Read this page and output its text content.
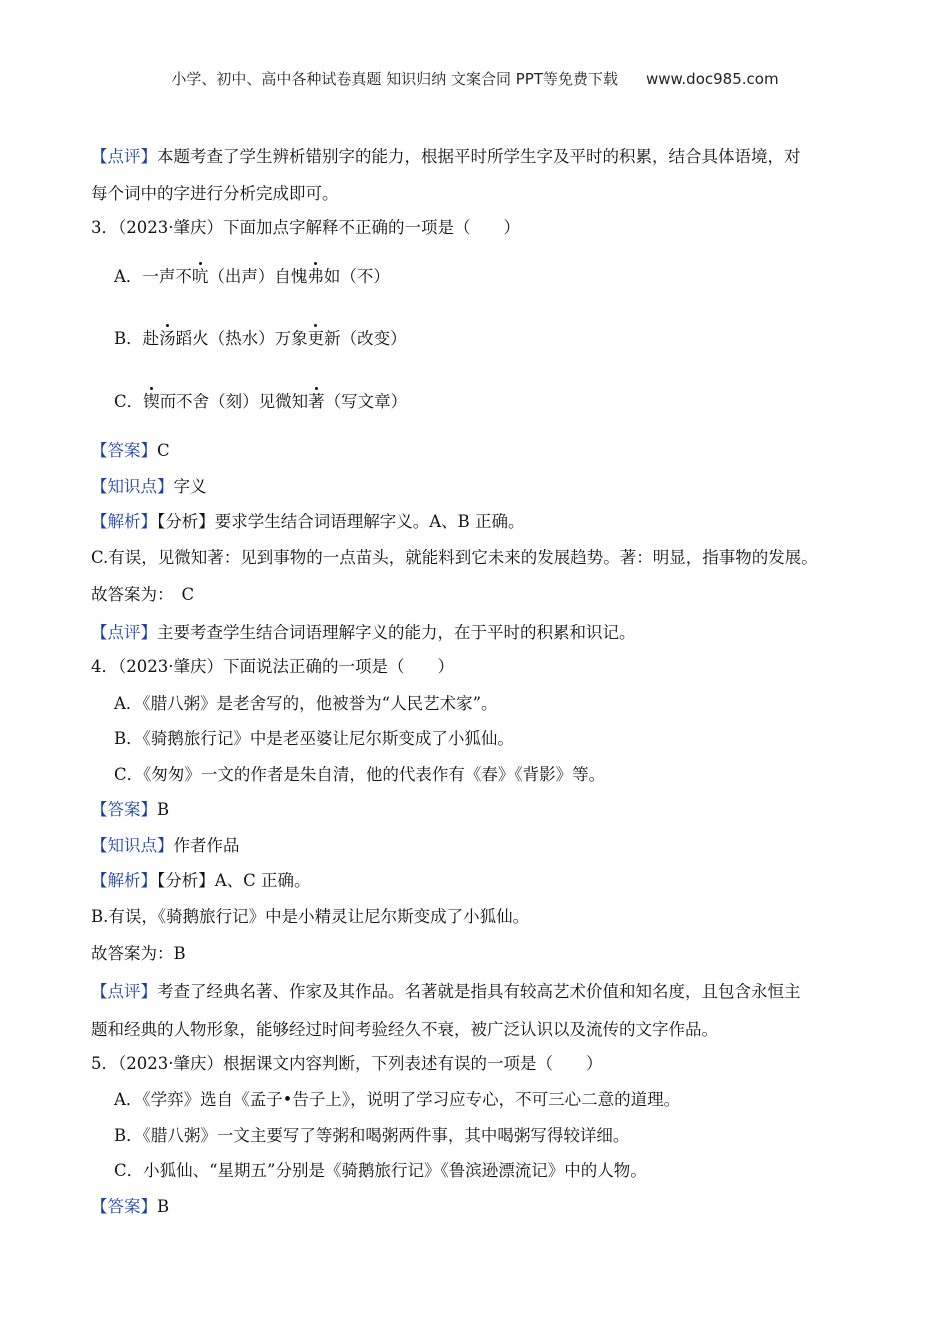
小学、初中、高中各种试卷真题 知识归纳 文案合同 PPT等免费下载 www.doc985.com
【点评】本题考查了学生辨析错别字的能力，根据平时所学生字及平时的积累，结合具体语境，对
每个词中的字进行分析完成即可。
3．（2023·肇庆）下面加点字解释不正确的一项是（　　）
A．一声不吭（出声）自愧弗如（不）
B．赴汤蹈火（热水）万象更新（改变）
C．锲而不舍（刻）见微知著（写文章）
【答案】C
【知识点】字义
【解析】【分析】要求学生结合词语理解字义。A、B 正确。
C.有误，见微知著：见到事物的一点苗头，就能料到它未来的发展趋势。著：明显，指事物的发展。
故答案为： C
【点评】主要考查学生结合词语理解字义的能力，在于平时的积累和识记。
4．（2023·肇庆）下面说法正确的一项是（　　）
A．《腊八粥》是老舍写的，他被誉为“人民艺术家”。
B．《骑鹅旅行记》中是老巫婆让尼尔斯变成了小狐仙。
C．《匆匆》一文的作者是朱自清，他的代表作有《春》《背影》等。
【答案】B
【知识点】作者作品
【解析】【分析】A、C 正确。
B.有误，《骑鹅旅行记》中是小精灵让尼尔斯变成了小狐仙。
故答案为：B
【点评】考查了经典名著、作家及其作品。名著就是指具有较高艺术价值和知名度，且包含永恒主
题和经典的人物形象，能够经过时间考验经久不衰，被广泛认识以及流传的文字作品。
5．（2023·肇庆）根据课文内容判断，下列表述有误的一项是（　　）
A．《学弈》选自《孟子•告子上》，说明了学习应专心，不可三心二意的道理。
B．《腊八粥》一文主要写了等粥和喝粥两件事，其中喝粥写得较详细。
C．小狐仙、“星期五”分别是《骑鹅旅行记》《鲁滨逊漂流记》中的人物。
【答案】B
